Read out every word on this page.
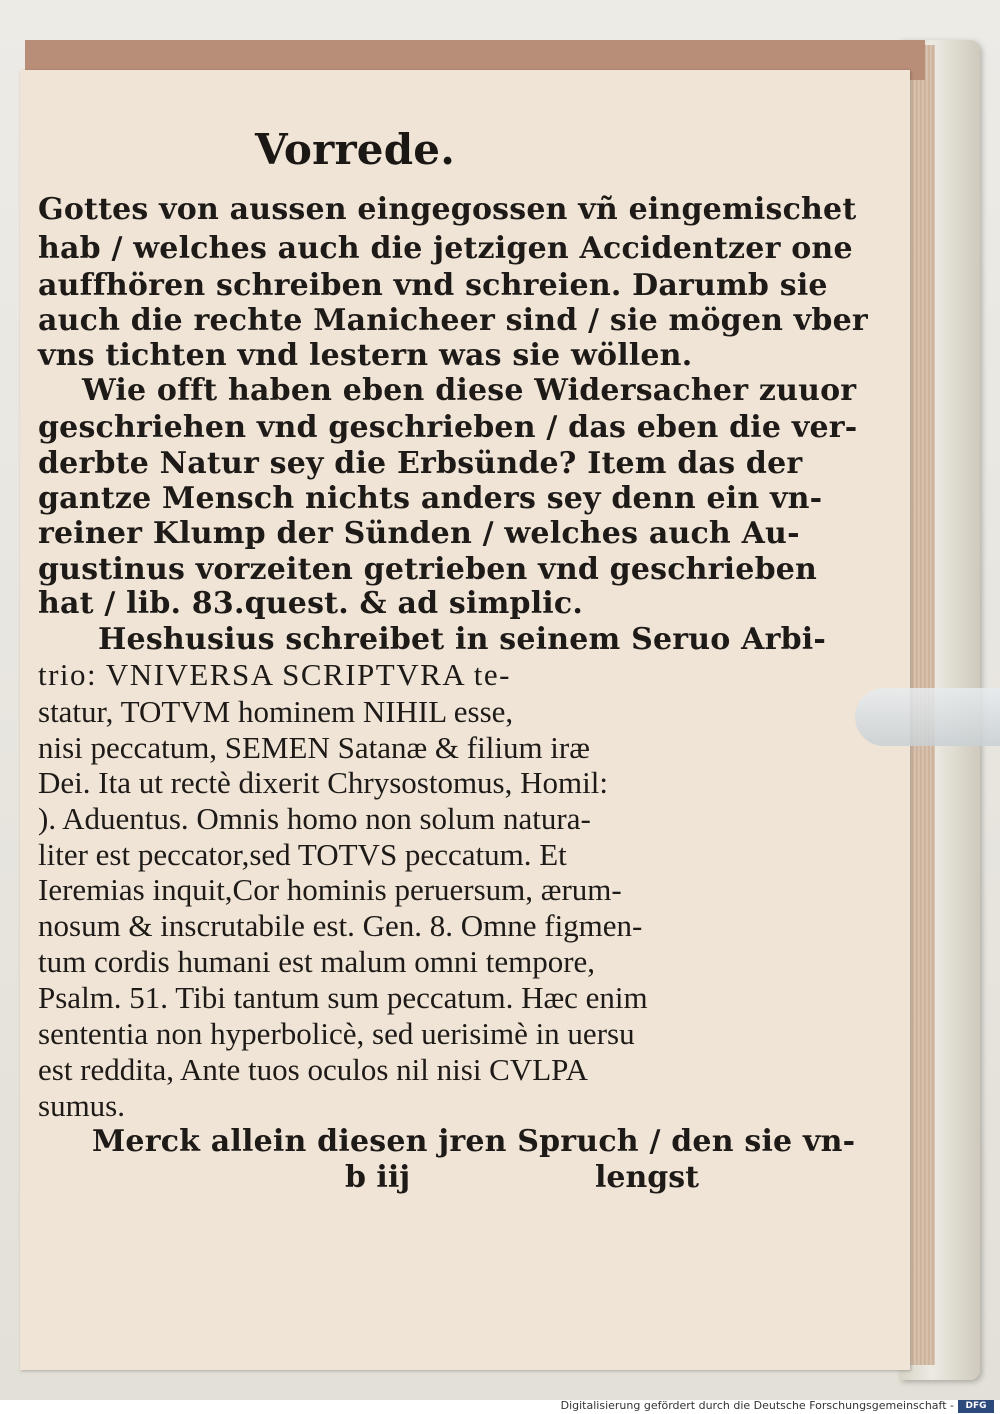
Vorrede.
Gottes von aussen eingegossen vñ eingemischet
hab / welches auch die jetzigen Accidentzer one
auffhören schreiben vnd schreien. Darumb sie
auch die rechte Manicheer sind / sie mögen vber
vns tichten vnd lestern was sie wöllen.
Wie offt haben eben diese Widersacher zuuor
geschriehen vnd geschrieben / das eben die ver-
derbte Natur sey die Erbsünde? Item das der
gantze Mensch nichts anders sey denn ein vn-
reiner Klump der Sünden / welches auch Au-
gustinus vorzeiten getrieben vnd geschrieben
hat / lib. 83.quest. & ad simplic.
Heshusius schreibet in seinem Seruo Arbi-
trio: VNIVERSA SCRIPTVRA te-
statur, TOTVM hominem NIHIL esse,
nisi peccatum, SEMEN Satanæ & filium iræ
Dei. Ita ut rectè dixerit Chrysostomus, Homil:
). Aduentus. Omnis homo non solum natura-
liter est peccator,sed TOTVS peccatum. Et
Ieremias inquit,Cor hominis peruersum, ærum-
nosum & inscrutabile est. Gen. 8. Omne figmen-
tum cordis humani est malum omni tempore,
Psalm. 51. Tibi tantum sum peccatum. Hæc enim
sententia non hyperbolicè, sed uerisimè in uersu
est reddita, Ante tuos oculos nil nisi CVLPA
sumus.
Merck allein diesen jren Spruch / den sie vn-
b iij	lengst
Digitalisierung gefördert durch die Deutsche Forschungsgemeinschaft -	DFG
